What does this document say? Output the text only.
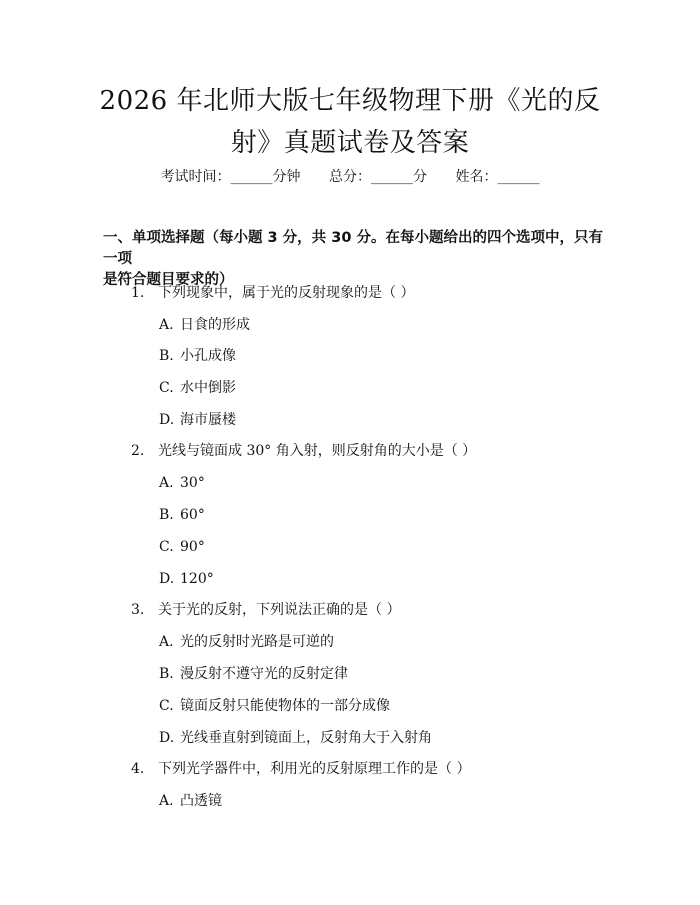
2026 年北师大版七年级物理下册《光的反
射》真题试卷及答案
考试时间：______分钟 总分：______分 姓名：______
一、单项选择题（每小题 3 分，共 30 分。在每小题给出的四个选项中，只有一项
是符合题目要求的）
1. 下列现象中，属于光的反射现象的是（ ）
A. 日食的形成
B. 小孔成像
C. 水中倒影
D. 海市蜃楼
2. 光线与镜面成 30° 角入射，则反射角的大小是（ ）
A. 30°
B. 60°
C. 90°
D. 120°
3. 关于光的反射，下列说法正确的是（ ）
A. 光的反射时光路是可逆的
B. 漫反射不遵守光的反射定律
C. 镜面反射只能使物体的一部分成像
D. 光线垂直射到镜面上，反射角大于入射角
4. 下列光学器件中，利用光的反射原理工作的是（ ）
A. 凸透镜
